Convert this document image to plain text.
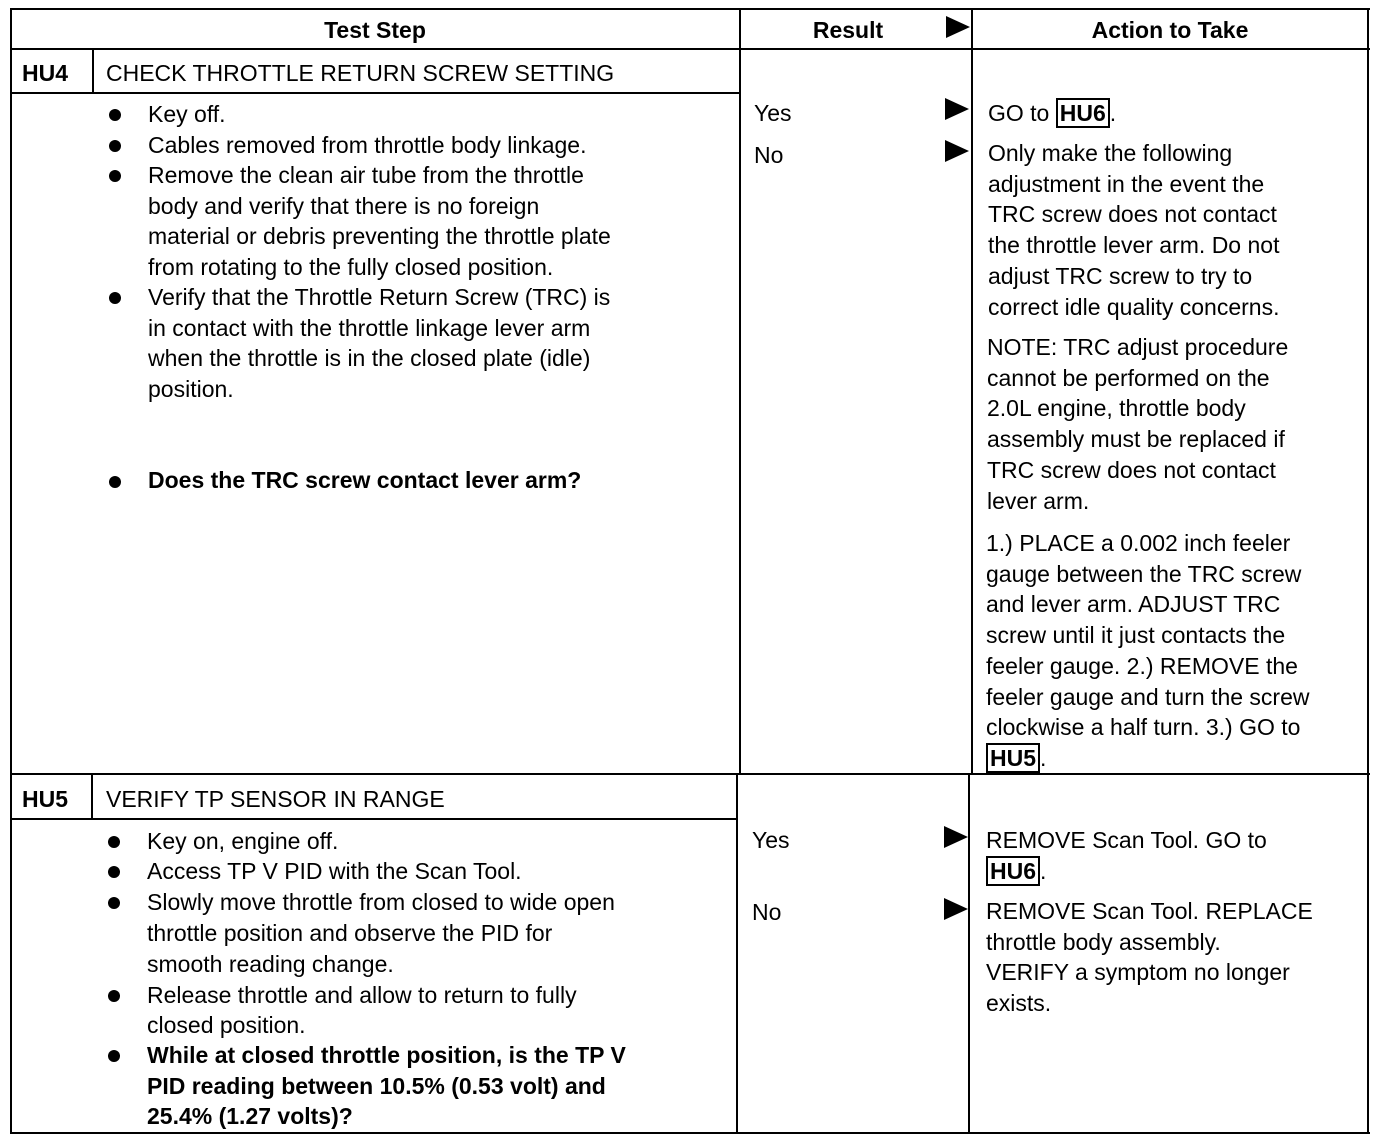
Test Step	Result	Action to Take
HU4 CHECK THROTTLE RETURN SCREW SETTING
Key off.
Cables removed from throttle body linkage.
Remove the clean air tube from the throttle
body and verify that there is no foreign
material or debris preventing the throttle plate
from rotating to the fully closed position.
Verify that the Throttle Return Screw (TRC) is
in contact with the throttle linkage lever arm
when the throttle is in the closed plate (idle)
position.
Does the TRC screw contact lever arm?
Yes	GO to HU6 .
No	Only make the following
adjustment in the event the
TRC screw does not contact
the throttle lever arm. Do not
adjust TRC screw to try to
correct idle quality concerns.
NOTE: TRC adjust procedure
cannot be performed on the
2.0L engine, throttle body
assembly must be replaced if
TRC screw does not contact
lever arm.
1.) PLACE a 0.002 inch feeler
gauge between the TRC screw
and lever arm. ADJUST TRC
screw until it just contacts the
feeler gauge. 2.) REMOVE the
feeler gauge and turn the screw
clockwise a half turn. 3.) GO to
HU5 .
HU5 VERIFY TP SENSOR IN RANGE
Key on, engine off.
Access TP V PID with the Scan Tool.
Slowly move throttle from closed to wide open
throttle position and observe the PID for
smooth reading change.
Release throttle and allow to return to fully
closed position.
While at closed throttle position, is the TP V
PID reading between 10.5% (0.53 volt) and
25.4% (1.27 volts)?
Yes	REMOVE Scan Tool. GO to
HU6 .
No	REMOVE Scan Tool. REPLACE
throttle body assembly.
VERIFY a symptom no longer
exists.
